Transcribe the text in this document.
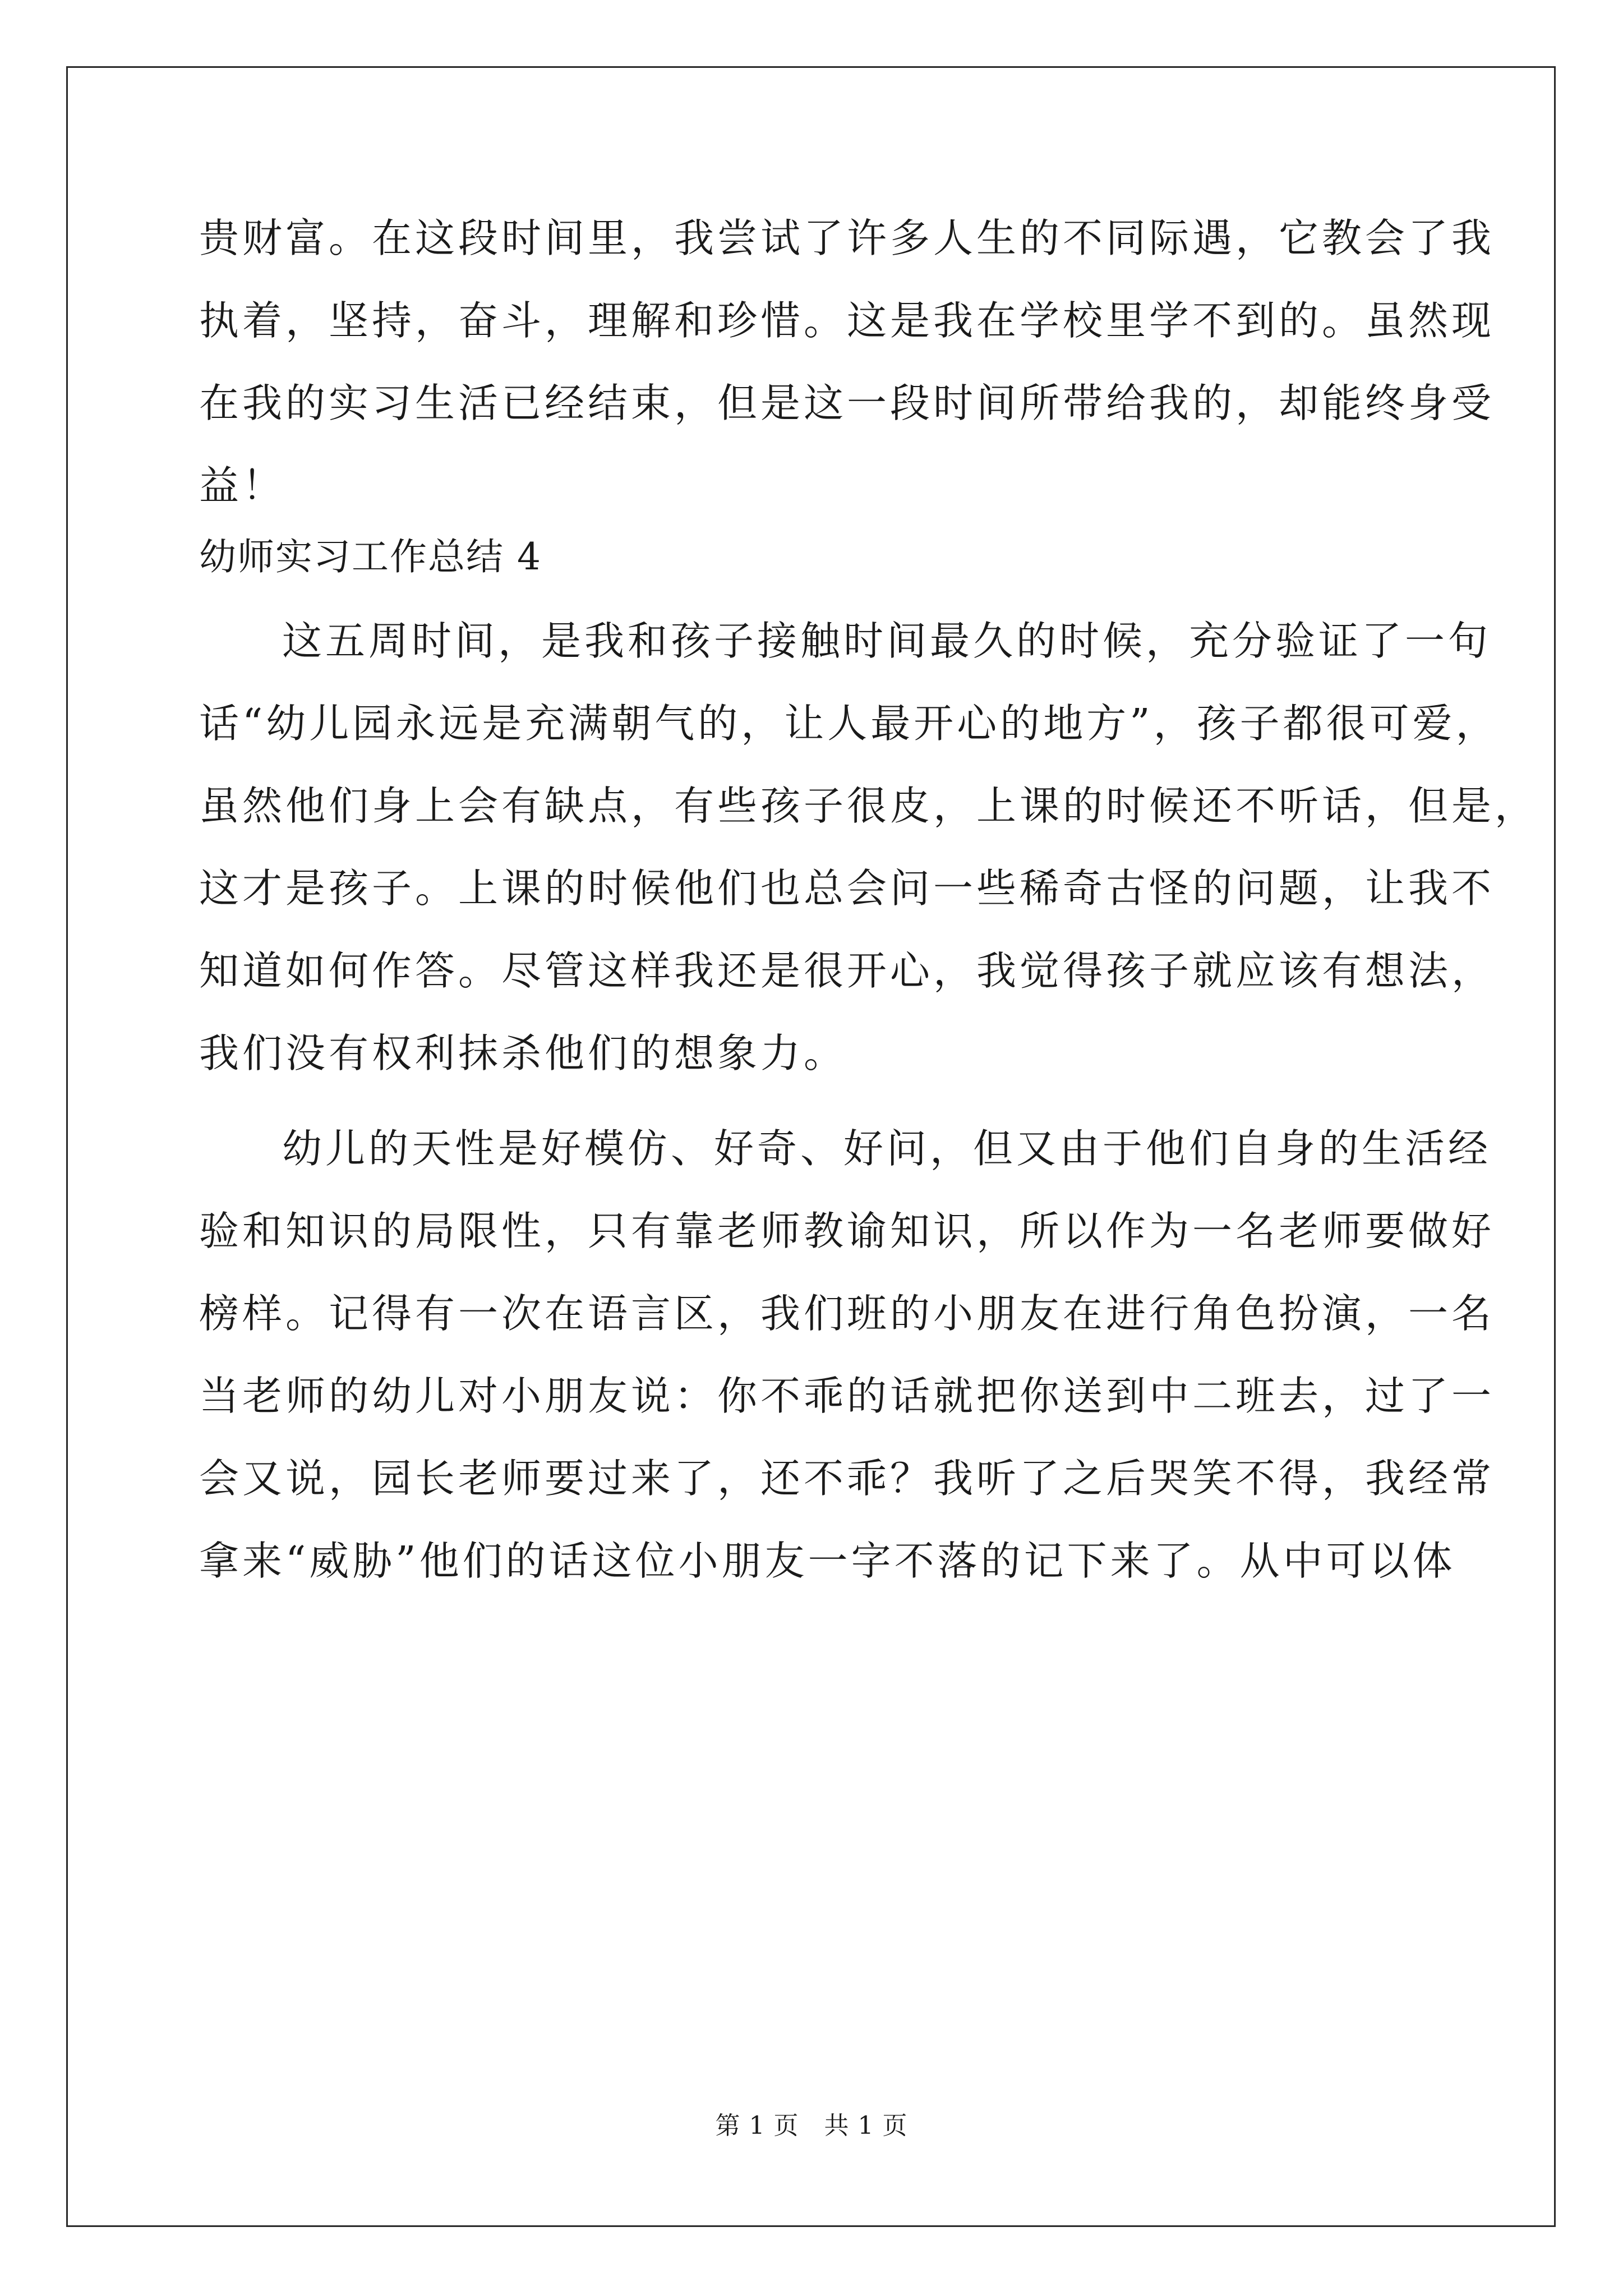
贵财富。在这段时间里，我尝试了许多人生的不同际遇，它教会了我
执着，坚持，奋斗，理解和珍惜。这是我在学校里学不到的。虽然现
在我的实习生活已经结束，但是这一段时间所带给我的，却能终身受
益！
幼师实习工作总结 4
这五周时间，是我和孩子接触时间最久的时候，充分验证了一句
话“幼儿园永远是充满朝气的，让人最开心的地方”，孩子都很可爱，
虽然他们身上会有缺点，有些孩子很皮，上课的时候还不听话，但是，
这才是孩子。上课的时候他们也总会问一些稀奇古怪的问题，让我不
知道如何作答。尽管这样我还是很开心，我觉得孩子就应该有想法，
我们没有权利抹杀他们的想象力。
幼儿的天性是好模仿、好奇、好问，但又由于他们自身的生活经
验和知识的局限性，只有靠老师教谕知识，所以作为一名老师要做好
榜样。记得有一次在语言区，我们班的小朋友在进行角色扮演，一名
当老师的幼儿对小朋友说：你不乖的话就把你送到中二班去，过了一
会又说，园长老师要过来了，还不乖？我听了之后哭笑不得，我经常
拿来“威胁”他们的话这位小朋友一字不落的记下来了。从中可以体
第 1 页　共 1 页
